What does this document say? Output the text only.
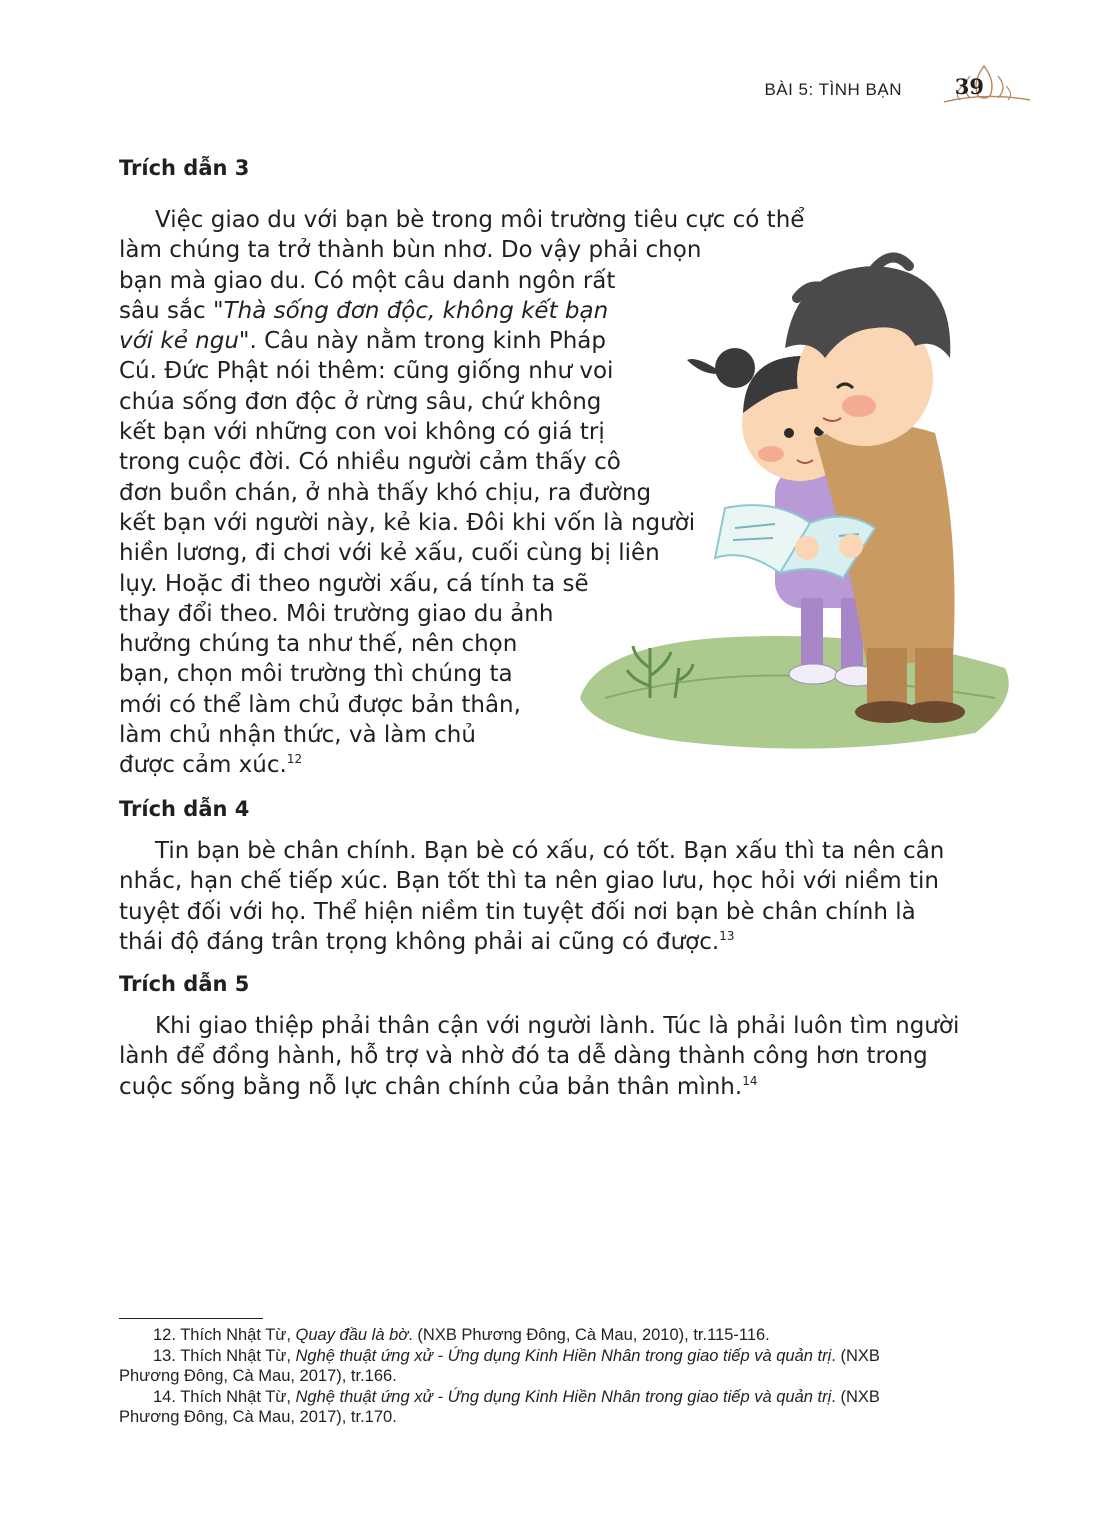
BÀI 5: TÌNH BẠN	39
Trích dẫn 3
Việc giao du với bạn bè trong môi trường tiêu cực có thể
làm chúng ta trở thành bùn nhơ. Do vậy phải chọn
bạn mà giao du. Có một câu danh ngôn rất
sâu sắc "Thà sống đơn độc, không kết bạn
với kẻ ngu". Câu này nằm trong kinh Pháp
Cú. Đức Phật nói thêm: cũng giống như voi
chúa sống đơn độc ở rừng sâu, chứ không
kết bạn với những con voi không có giá trị
trong cuộc đời. Có nhiều người cảm thấy cô
đơn buồn chán, ở nhà thấy khó chịu, ra đường
kết bạn với người này, kẻ kia. Đôi khi vốn là người
hiền lương, đi chơi với kẻ xấu, cuối cùng bị liên
lụy. Hoặc đi theo người xấu, cá tính ta sẽ
thay đổi theo. Môi trường giao du ảnh
hưởng chúng ta như thế, nên chọn
bạn, chọn môi trường thì chúng ta
mới có thể làm chủ được bản thân,
làm chủ nhận thức, và làm chủ
được cảm xúc.$^{12}$
Trích dẫn 4
Tin bạn bè chân chính. Bạn bè có xấu, có tốt. Bạn xấu thì ta nên cân
nhắc, hạn chế tiếp xúc. Bạn tốt thì ta nên giao lưu, học hỏi với niềm tin
tuyệt đối với họ. Thể hiện niềm tin tuyệt đối nơi bạn bè chân chính là
thái độ đáng trân trọng không phải ai cũng có được.$^{13}$
Trích dẫn 5
Khi giao thiệp phải thân cận với người lành. Túc là phải luôn tìm người
lành để đồng hành, hỗ trợ và nhờ đó ta dễ dàng thành công hơn trong
cuộc sống bằng nỗ lực chân chính của bản thân mình.$^{14}$
12. Thích Nhật Từ, Quay đầu là bờ. (NXB Phương Đông, Cà Mau, 2010), tr.115-116.
13. Thích Nhật Từ, Nghệ thuật ứng xử - Ứng dụng Kinh Hiền Nhân trong giao tiếp và quản trị. (NXB
Phương Đông, Cà Mau, 2017), tr.166.
14. Thích Nhật Từ, Nghệ thuật ứng xử - Ứng dụng Kinh Hiền Nhân trong giao tiếp và quản trị. (NXB
Phương Đông, Cà Mau, 2017), tr.170.
